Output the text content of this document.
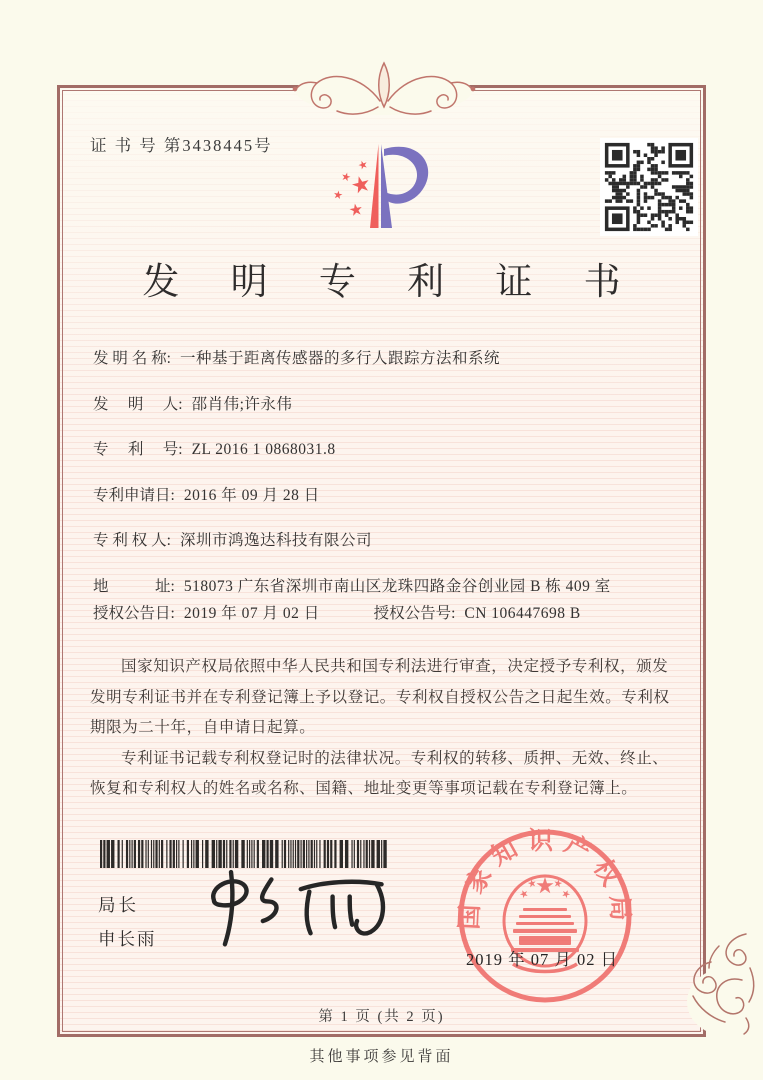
证 书 号 第3438445号
发 明 专 利 证 书
发 明 名 称: 一种基于距离传感器的多行人跟踪方法和系统
发　 明　 人: 邵肖伟;许永伟
专　 利　 号: ZL 2016 1 0868031.8
专利申请日: 2016 年 09 月 28 日
专 利 权 人: 深圳市鸿逸达科技有限公司
地　　　址: 518073 广东省深圳市南山区龙珠四路金谷创业园 B 栋 409 室
授权公告日: 2019 年 07 月 02 日	授权公告号: CN 106447698 B

国家知识产权局依照中华人民共和国专利法进行审查，决定授予专利权，颁发发明专利证书并在专利登记簿上予以登记。专利权自授权公告之日起生效。专利权期限为二十年，自申请日起算。

专利证书记载专利权登记时的法律状况。专利权的转移、质押、无效、终止、恢复和专利权人的姓名或名称、国籍、地址变更等事项记载在专利登记簿上。

局长
申长雨
国家知识产权局
2019 年 07 月 02 日
第 1 页 (共 2 页)
其他事项参见背面
